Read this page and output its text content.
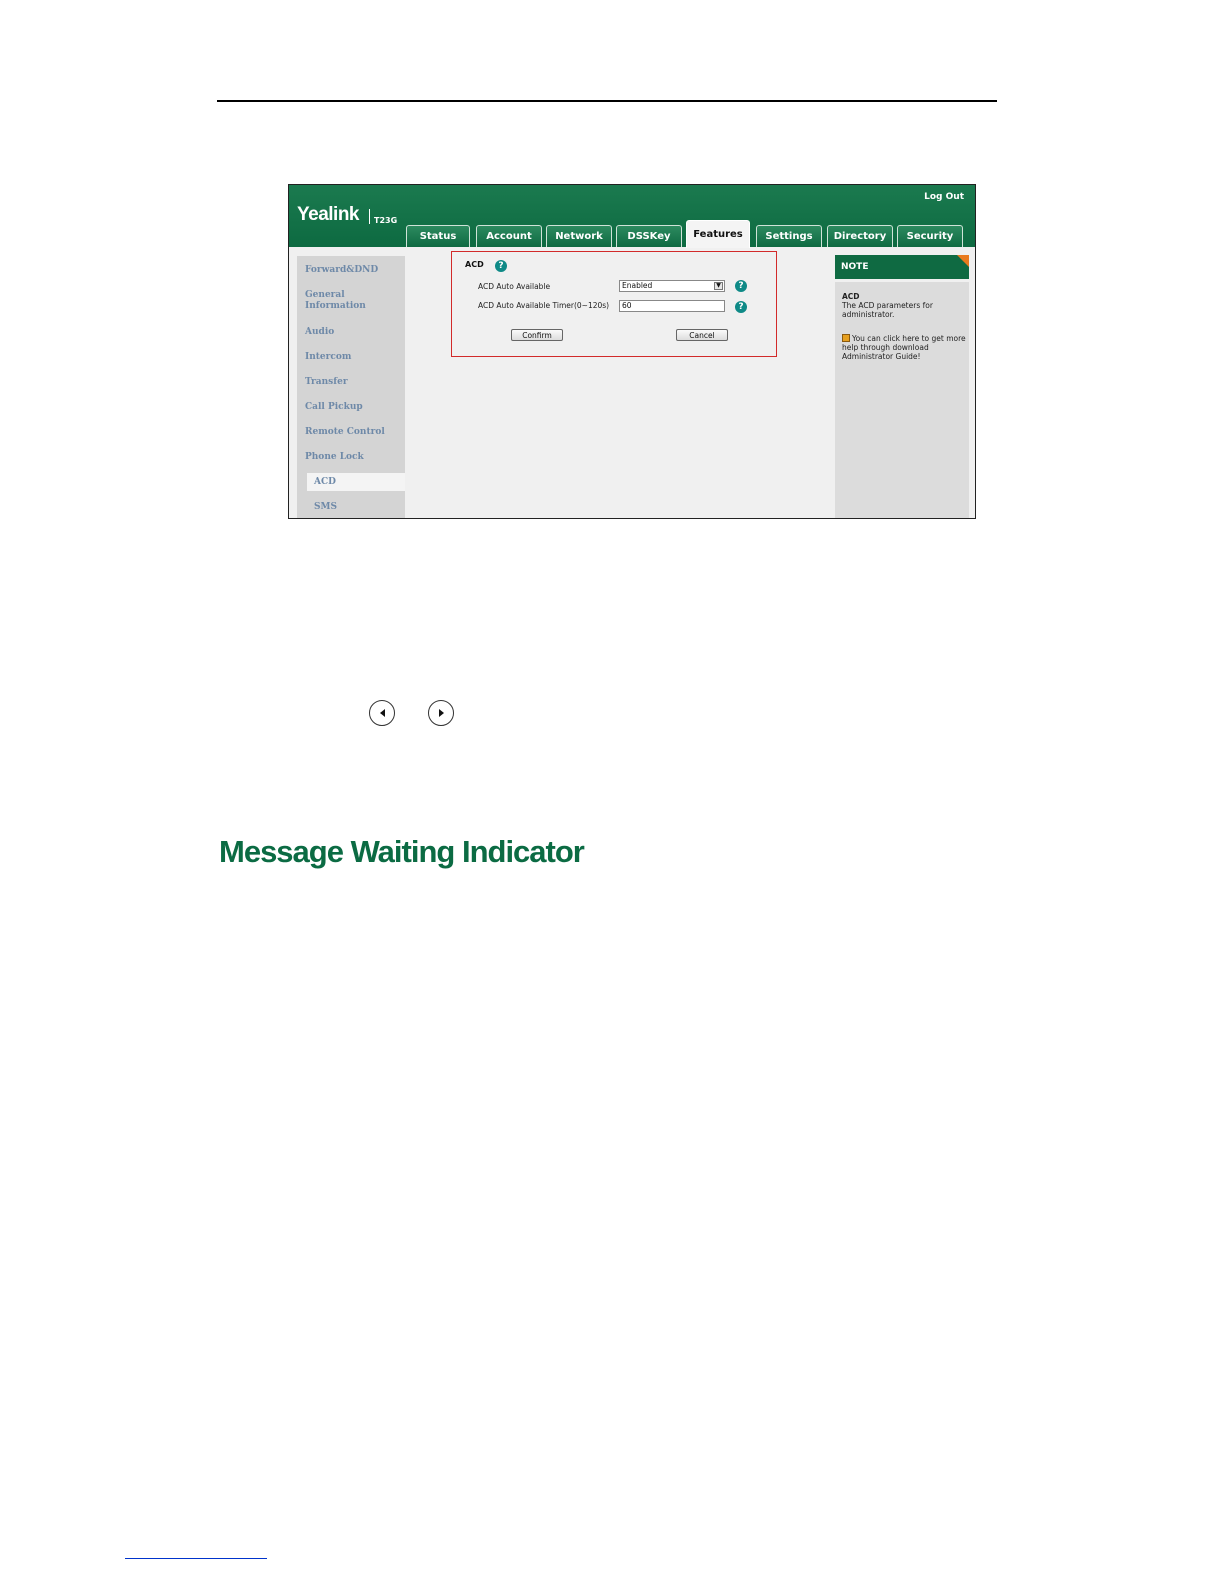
Log Out
Yealink T23G
Status	Account	Network	DSSKey	Features	Settings	Directory	Security
Forward&DND
General
Information
Audio
Intercom
Transfer
Call Pickup
Remote Control
Phone Lock
ACD
SMS
ACD	?
ACD Auto Available	Enabled	▼	?
ACD Auto Available Timer(0~120s)	60	?
Confirm	Cancel
NOTE
ACD
The ACD parameters for administrator.
You can click here to get more help through download Administrator Guide!
Message Waiting Indicator
